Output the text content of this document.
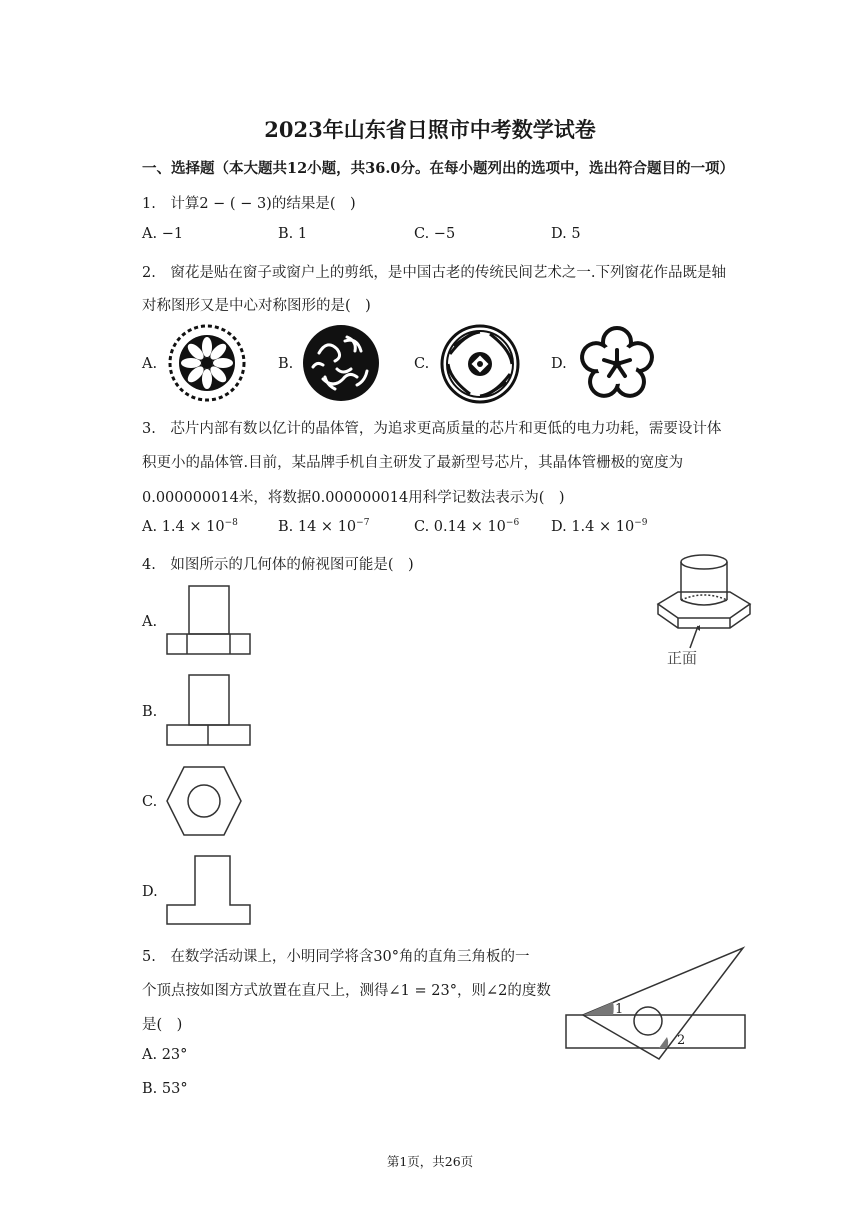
2023年山东省日照市中考数学试卷
一、选择题（本大题共12小题，共36.0分。在每小题列出的选项中，选出符合题目的一项）
1.　计算2 − ( − 3)的结果是(　)
A. −1	B. 1	C. −5	D. 5
2.　窗花是贴在窗子或窗户上的剪纸，是中国古老的传统民间艺术之一.下列窗花作品既是轴
对称图形又是中心对称图形的是(　)
A.	B.	C.	D.
3.　芯片内部有数以亿计的晶体管，为追求更高质量的芯片和更低的电力功耗，需要设计体
积更小的晶体管.目前，某品牌手机自主研发了最新型号芯片，其晶体管栅极的宽度为
0.000000014米，将数据0.000000014用科学记数法表示为(　)
A. $1.4 \times 10^{-8}$	B. $14 \times 10^{-7}$	C. $0.14 \times 10^{-6}$ D. $1.4 \times 10^{-9}$
4.　如图所示的几何体的俯视图可能是(　)
正面
A.
B.
C.
D.
5.　在数学活动课上，小明同学将含30°角的直角三角板的一
个顶点按如图方式放置在直尺上，测得∠1 = 23°，则∠2的度数
是(　)
A. 23°
B. 53°
1
2
第1页，共26页
